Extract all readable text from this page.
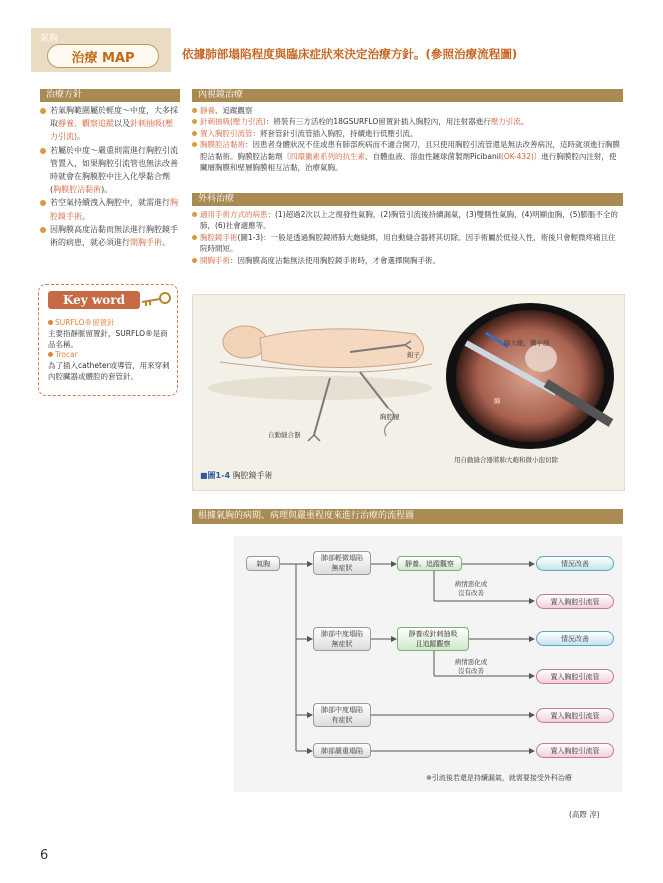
氣胸
治療 MAP	依據肺部塌陷程度與臨床症狀來決定治療方針。(參照治療流程圖)
治療方針
若氣胸範圍屬於輕度～中度，大多採取靜養、觀察追蹤以及針刺抽吸(壓力引流)。
若屬於中度～嚴重則需進行胸腔引流管置入，如果胸腔引流管也無法改善時就會在胸膜腔中注入化學黏合劑(胸膜腔沾黏術)。
若空氣持續洩入胸腔中，就需進行胸腔鏡手術。
因胸膜高度沾黏而無法進行胸腔鏡手術的病患，就必須進行開胸手術。
Key word
SURFLO®留置針
主要指靜脈留置針，SURFLO®是商品名稱。
Trocar
為了插入catheter或導管，用來穿刺內腔臟器或體腔的套管針。
內視鏡治療
靜養、追蹤觀察
針刺抽吸(壓力引流)：將裝有三方活栓的18GSURFLO留置針插入胸腔內，用注射器進行壓力引流。
置入胸腔引流管：將套管針引流管插入胸腔，持續進行低壓引流。
胸膜腔沾黏術：因患者身體狀況不佳或患有肺部疾病而不適合開刀，且只使用胸腔引流管還是無法改善病況，這時就須進行胸膜腔沾黏術。胸膜腔沾黏劑〔四環黴素系列的抗生素、自體血液、溶血性鏈球菌製劑Picibanil(OK-432)〕進行胸膜腔內注射，使臟層胸膜和壁層胸膜相互沾黏，治療氣胸。
外科治療
適用手術方式的病患：(1)超過2次以上之復發性氣胸，(2)胸管引流後持續漏氣，(3)雙側性氣胸，(4)明顯血胸，(5)膨脹不全的肺，(6)社會適應等。
胸腔鏡手術(圖1-3)：一般是透過胸腔鏡將肺大皰縫綁，用自動縫合器將其切除。因手術屬於低侵入性，術後只會輕微疼痛且住院時間短。
開胸手術：因胸膜高度沾黏無法使用胸腔鏡手術時，才會選擇開胸手術。
鉗子
胸腔鏡
自動縫合器
肺大皰、微小泡
肺
用自動縫合器將肺大皰和微小泡切除
■圖1-4 胸腔鏡手術
根據氣胸的病期、病理與嚴重程度來進行治療的流程圖
氣胸
肺部輕微塌陷
無症狀
靜養、追蹤觀察
病情惡化或
沒有改善
情況改善
置入胸腔引流管
肺部中度塌陷
無症狀
靜養或針刺抽吸
且追蹤觀察
病情惡化或
沒有改善
情況改善
置入胸腔引流管
肺部中度塌陷
有症狀
置入胸腔引流管
肺部嚴重塌陷	置入胸腔引流管
※引流後若還是持續漏氣，就需要接受外科治療
(高際 淳)
6
